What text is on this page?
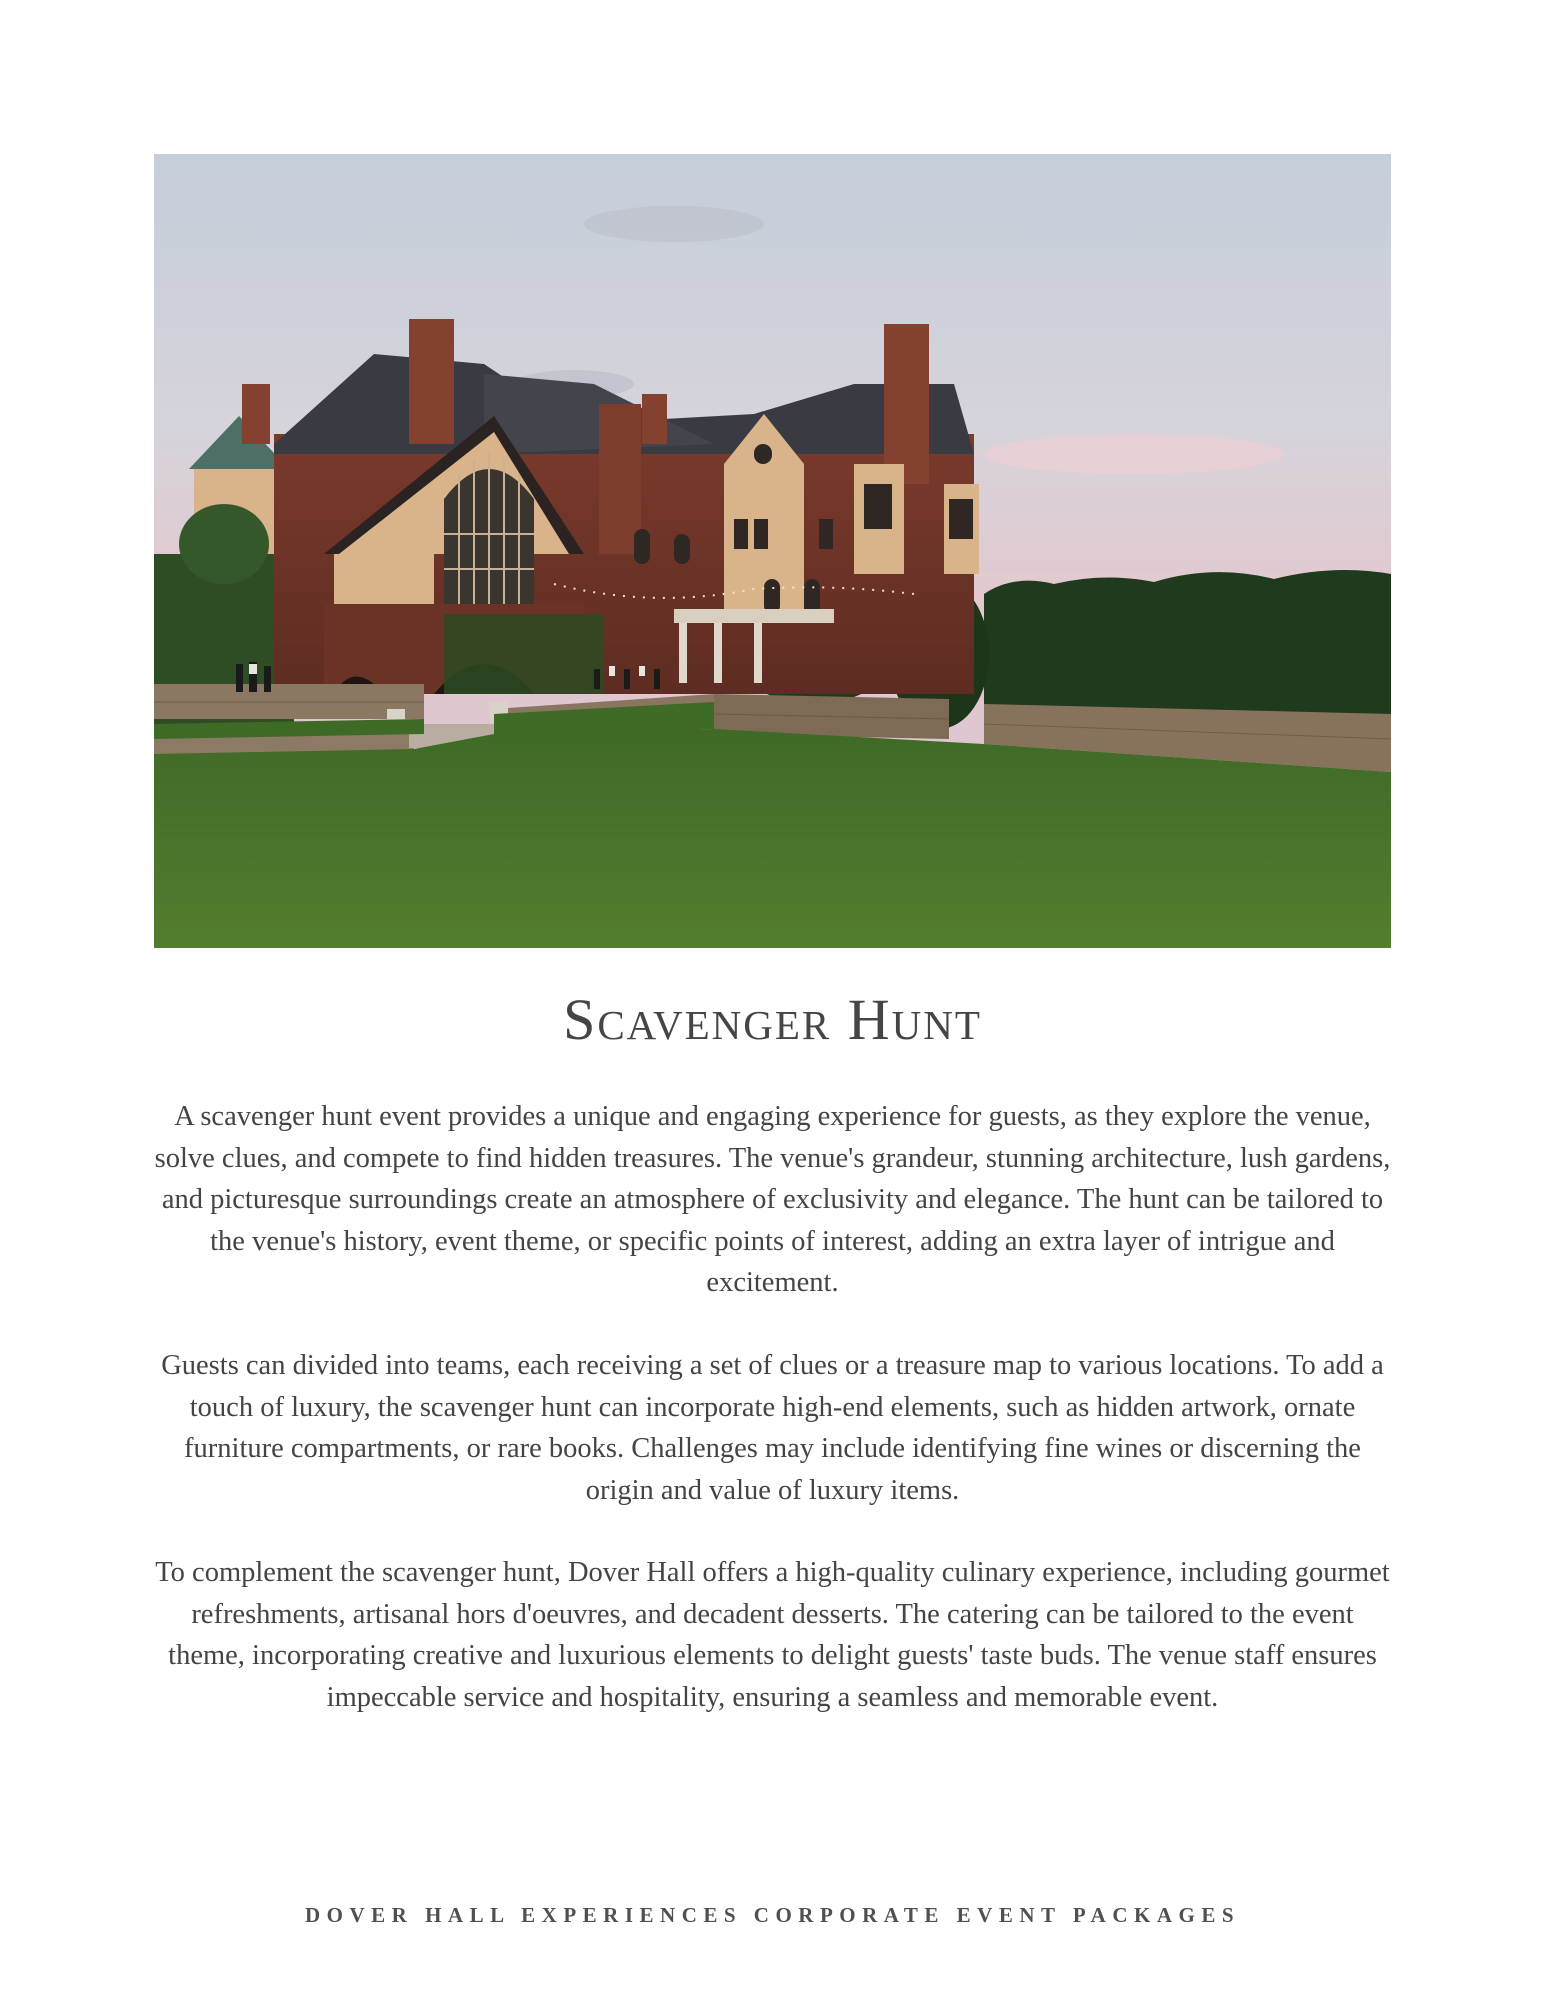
Scavenger Hunt

A scavenger hunt event provides a unique and engaging experience for guests, as they explore the venue, solve clues, and compete to find hidden treasures. The venue's grandeur, stunning architecture, lush gardens, and picturesque surroundings create an atmosphere of exclusivity and elegance. The hunt can be tailored to the venue's history, event theme, or specific points of interest, adding an extra layer of intrigue and excitement.

Guests can divided into teams, each receiving a set of clues or a treasure map to various locations. To add a touch of luxury, the scavenger hunt can incorporate high-end elements, such as hidden artwork, ornate furniture compartments, or rare books. Challenges may include identifying fine wines or discerning the origin and value of luxury items.

To complement the scavenger hunt, Dover Hall offers a high-quality culinary experience, including gourmet refreshments, artisanal hors d'oeuvres, and decadent desserts. The catering can be tailored to the event theme, incorporating creative and luxurious elements to delight guests' taste buds. The venue staff ensures impeccable service and hospitality, ensuring a seamless and memorable event.

DOVER HALL EXPERIENCES CORPORATE EVENT PACKAGES
